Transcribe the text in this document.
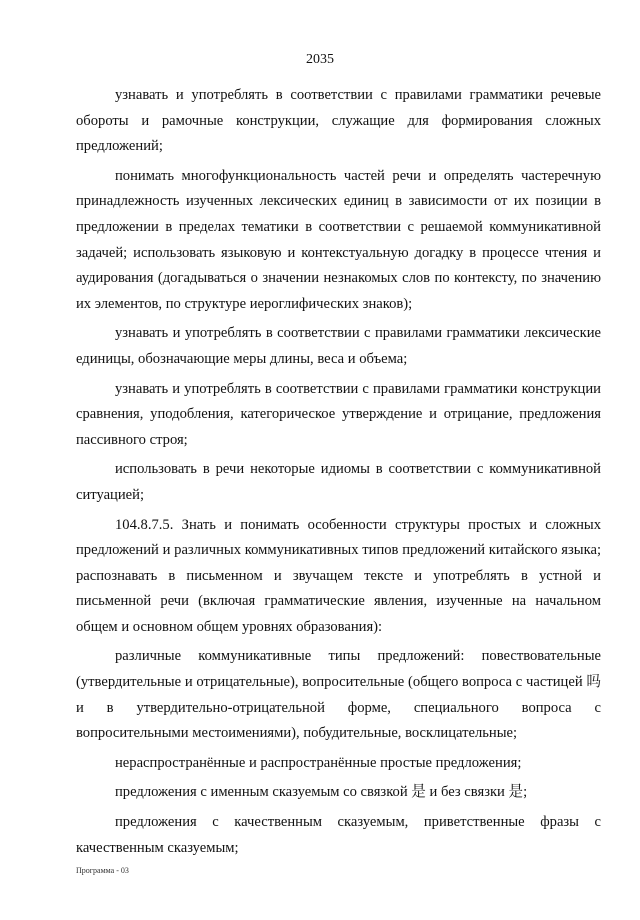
2035

узнавать и употреблять в соответствии с правилами грамматики речевые обороты и рамочные конструкции, служащие для формирования сложных предложений;

понимать многофункциональность частей речи и определять частеречную принадлежность изученных лексических единиц в зависимости от их позиции в предложении в пределах тематики в соответствии с решаемой коммуникативной задачей; использовать языковую и контекстуальную догадку в процессе чтения и аудирования (догадываться о значении незнакомых слов по контексту, по значению их элементов, по структуре иероглифических знаков);

узнавать и употреблять в соответствии с правилами грамматики лексические единицы, обозначающие меры длины, веса и объема;

узнавать и употреблять в соответствии с правилами грамматики конструкции сравнения, уподобления, категорическое утверждение и отрицание, предложения пассивного строя;

использовать в речи некоторые идиомы в соответствии с коммуникативной ситуацией;

104.8.7.5. Знать и понимать особенности структуры простых и сложных предложений и различных коммуникативных типов предложений китайского языка; распознавать в письменном и звучащем тексте и употреблять в устной и письменной речи (включая грамматические явления, изученные на начальном общем и основном общем уровнях образования):

различные коммуникативные типы предложений: повествовательные (утвердительные и отрицательные), вопросительные (общего вопроса с частицей 吗 и в утвердительно-отрицательной форме, специального вопроса с вопросительными местоимениями), побудительные, восклицательные;

нераспространённые и распространённые простые предложения;

предложения с именным сказуемым со связкой 是 и без связки 是;

предложения с качественным сказуемым, приветственные фразы с качественным сказуемым;

Программа - 03
